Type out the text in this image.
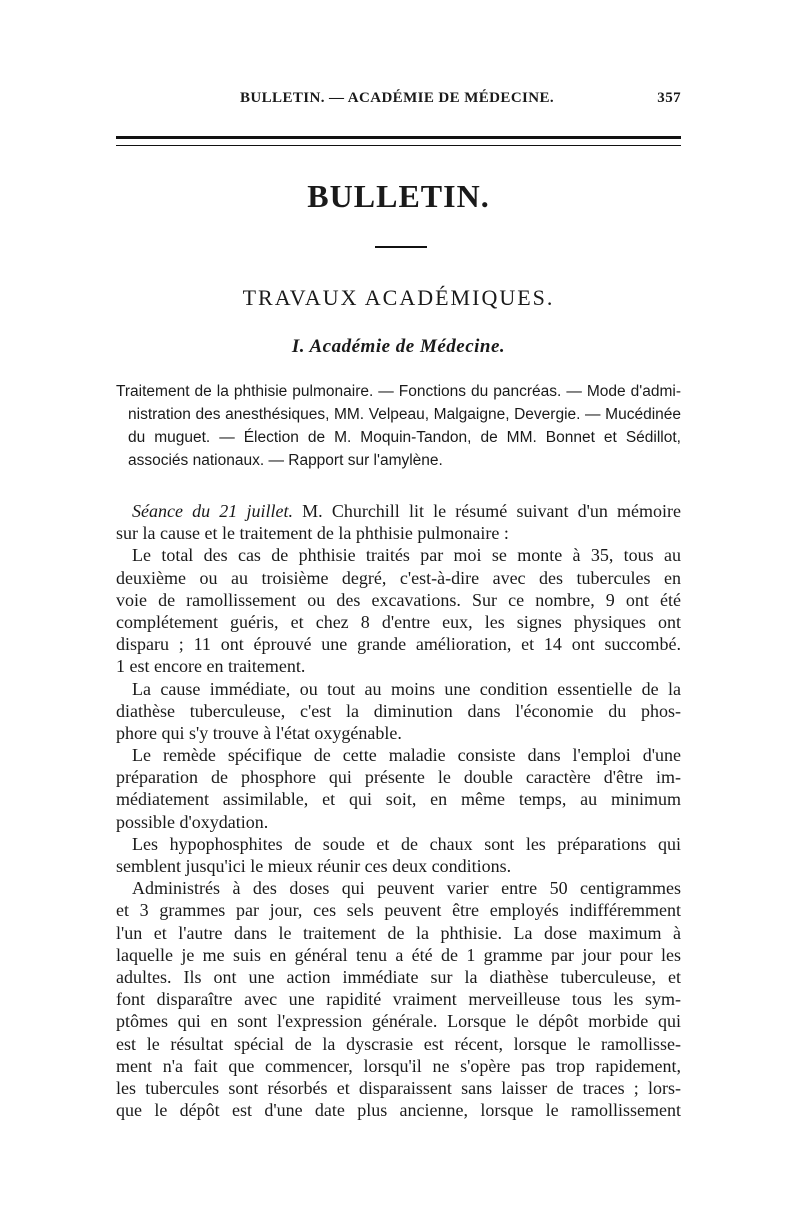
BULLETIN. — ACADÉMIE DE MÉDECINE.	357
BULLETIN.
TRAVAUX ACADÉMIQUES.
I. Académie de Médecine.
Traitement de la phthisie pulmonaire. — Fonctions du pancréas. — Mode d'admi-
nistration des anesthésiques, MM. Velpeau, Malgaigne, Devergie. — Mucédinée
du muguet. — Élection de M. Moquin-Tandon, de MM. Bonnet et Sédillot,
associés nationaux. — Rapport sur l'amylène.
Séance du 21 juillet. M. Churchill lit le résumé suivant d'un mémoire
sur la cause et le traitement de la phthisie pulmonaire :
Le total des cas de phthisie traités par moi se monte à 35, tous au
deuxième ou au troisième degré, c'est-à-dire avec des tubercules en
voie de ramollissement ou des excavations. Sur ce nombre, 9 ont été
complétement guéris, et chez 8 d'entre eux, les signes physiques ont
disparu ; 11 ont éprouvé une grande amélioration, et 14 ont succombé.
1 est encore en traitement.
La cause immédiate, ou tout au moins une condition essentielle de la
diathèse tuberculeuse, c'est la diminution dans l'économie du phos-
phore qui s'y trouve à l'état oxygénable.
Le remède spécifique de cette maladie consiste dans l'emploi d'une
préparation de phosphore qui présente le double caractère d'être im-
médiatement assimilable, et qui soit, en même temps, au minimum
possible d'oxydation.
Les hypophosphites de soude et de chaux sont les préparations qui
semblent jusqu'ici le mieux réunir ces deux conditions.
Administrés à des doses qui peuvent varier entre 50 centigrammes
et 3 grammes par jour, ces sels peuvent être employés indifféremment
l'un et l'autre dans le traitement de la phthisie. La dose maximum à
laquelle je me suis en général tenu a été de 1 gramme par jour pour les
adultes. Ils ont une action immédiate sur la diathèse tuberculeuse, et
font disparaître avec une rapidité vraiment merveilleuse tous les sym-
ptômes qui en sont l'expression générale. Lorsque le dépôt morbide qui
est le résultat spécial de la dyscrasie est récent, lorsque le ramollisse-
ment n'a fait que commencer, lorsqu'il ne s'opère pas trop rapidement,
les tubercules sont résorbés et disparaissent sans laisser de traces ; lors-
que le dépôt est d'une date plus ancienne, lorsque le ramollissement
